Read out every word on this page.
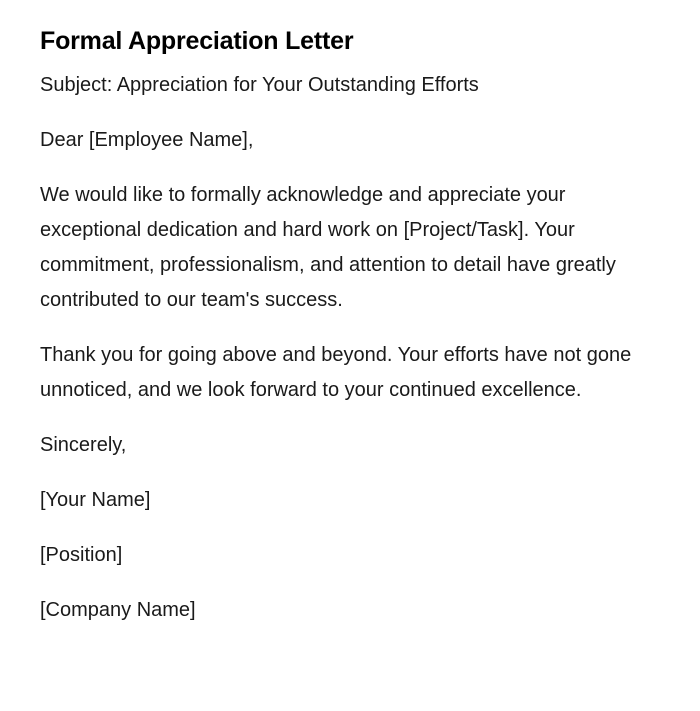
Formal Appreciation Letter

Subject: Appreciation for Your Outstanding Efforts

Dear [Employee Name],

We would like to formally acknowledge and appreciate your exceptional dedication and hard work on [Project/Task]. Your commitment, professionalism, and attention to detail have greatly contributed to our team's success.

Thank you for going above and beyond. Your efforts have not gone unnoticed, and we look forward to your continued excellence.

Sincerely,

[Your Name]

[Position]

[Company Name]
